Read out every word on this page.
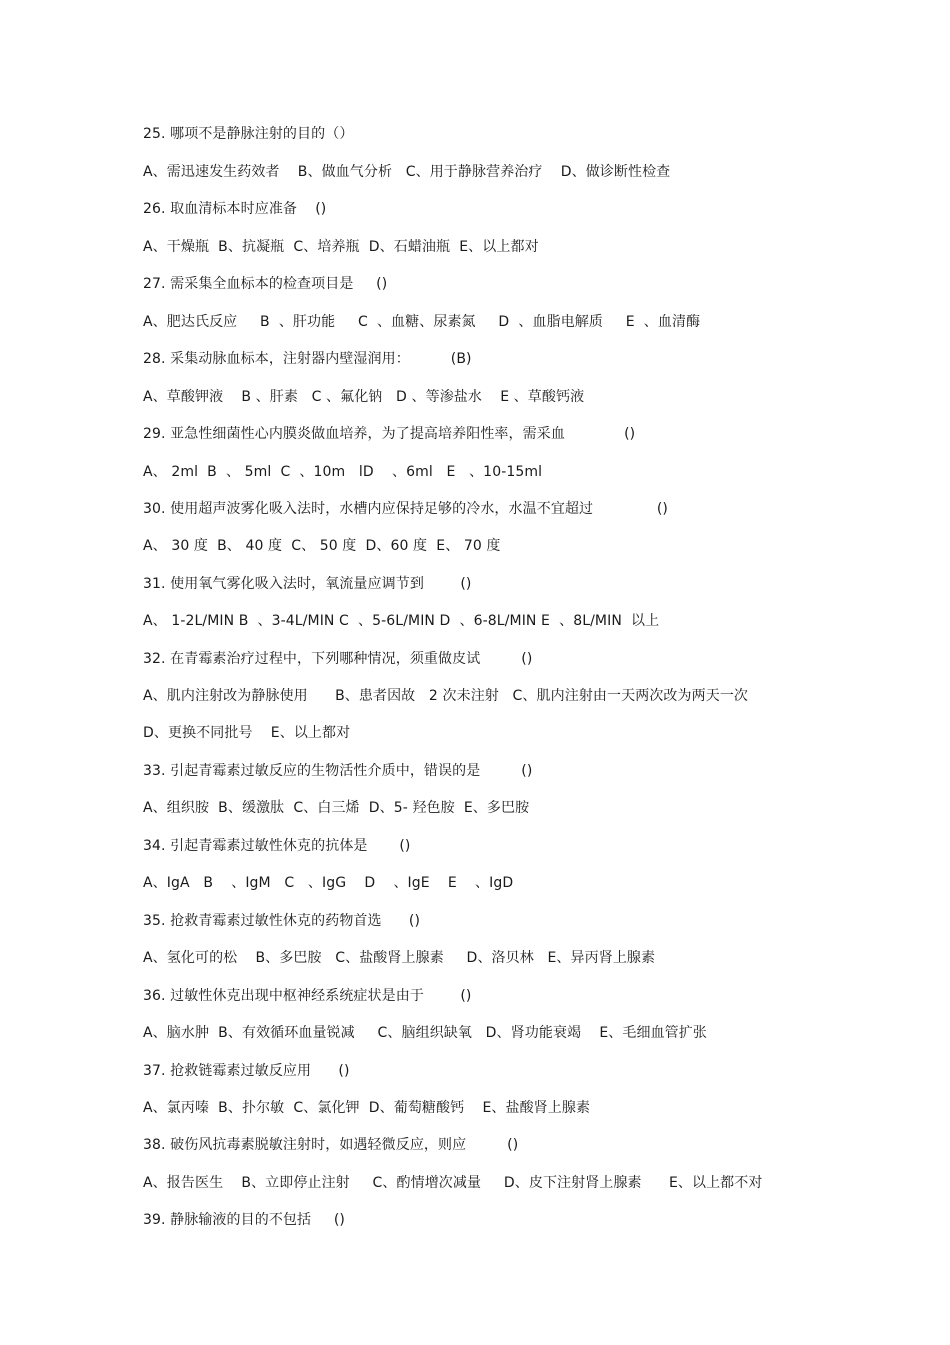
25. 哪项不是静脉注射的目的（）
A、需迅速发生药效者    B、做血气分析   C、用于静脉营养治疗    D、做诊断性检查
26. 取血清标本时应准备    ()
A、干燥瓶  B、抗凝瓶  C、培养瓶  D、石蜡油瓶  E、以上都对
27. 需采集全血标本的检查项目是     ()
A、肥达氏反应     B  、肝功能     C  、血糖、尿素氮     D  、血脂电解质     E  、血清酶
28. 采集动脉血标本，注射器内壁湿润用：         (B)
A、草酸钾液    B 、肝素   C 、氟化钠   D 、等渗盐水    E 、草酸钙液
29. 亚急性细菌性心内膜炎做血培养，为了提高培养阳性率，需采血             ()
A、 2ml  B  、 5ml  C  、10m   lD    、6ml   E   、10-15ml
30. 使用超声波雾化吸入法时，水槽内应保持足够的冷水，水温不宜超过              ()
A、 30 度  B、 40 度  C、 50 度  D、60 度  E、 70 度
31. 使用氧气雾化吸入法时，氧流量应调节到        ()
A、 1-2L/MIN B  、3-4L/MIN C  、5-6L/MIN D  、6-8L/MIN E  、8L/MIN  以上
32. 在青霉素治疗过程中，下列哪种情况，须重做皮试         ()
A、肌内注射改为静脉使用      B、患者因故   2 次未注射   C、肌内注射由一天两次改为两天一次
D、更换不同批号    E、以上都对
33. 引起青霉素过敏反应的生物活性介质中，错误的是         ()
A、组织胺  B、缓激肽  C、白三烯  D、5- 羟色胺  E、多巴胺
34. 引起青霉素过敏性休克的抗体是       ()
A、IgA   B    、IgM   C   、IgG    D    、IgE    E    、IgD
35. 抢救青霉素过敏性休克的药物首选      ()
A、氢化可的松    B、多巴胺   C、盐酸肾上腺素     D、洛贝林   E、异丙肾上腺素
36. 过敏性休克出现中枢神经系统症状是由于        ()
A、脑水肿  B、有效循环血量锐减     C、脑组织缺氧   D、肾功能衰竭    E、毛细血管扩张
37. 抢救链霉素过敏反应用      ()
A、氯丙嗪  B、扑尔敏  C、氯化钾  D、葡萄糖酸钙    E、盐酸肾上腺素
38. 破伤风抗毒素脱敏注射时，如遇轻微反应，则应         ()
A、报告医生    B、立即停止注射     C、酌情增次减量     D、皮下注射肾上腺素      E、以上都不对
39. 静脉输液的目的不包括     ()
